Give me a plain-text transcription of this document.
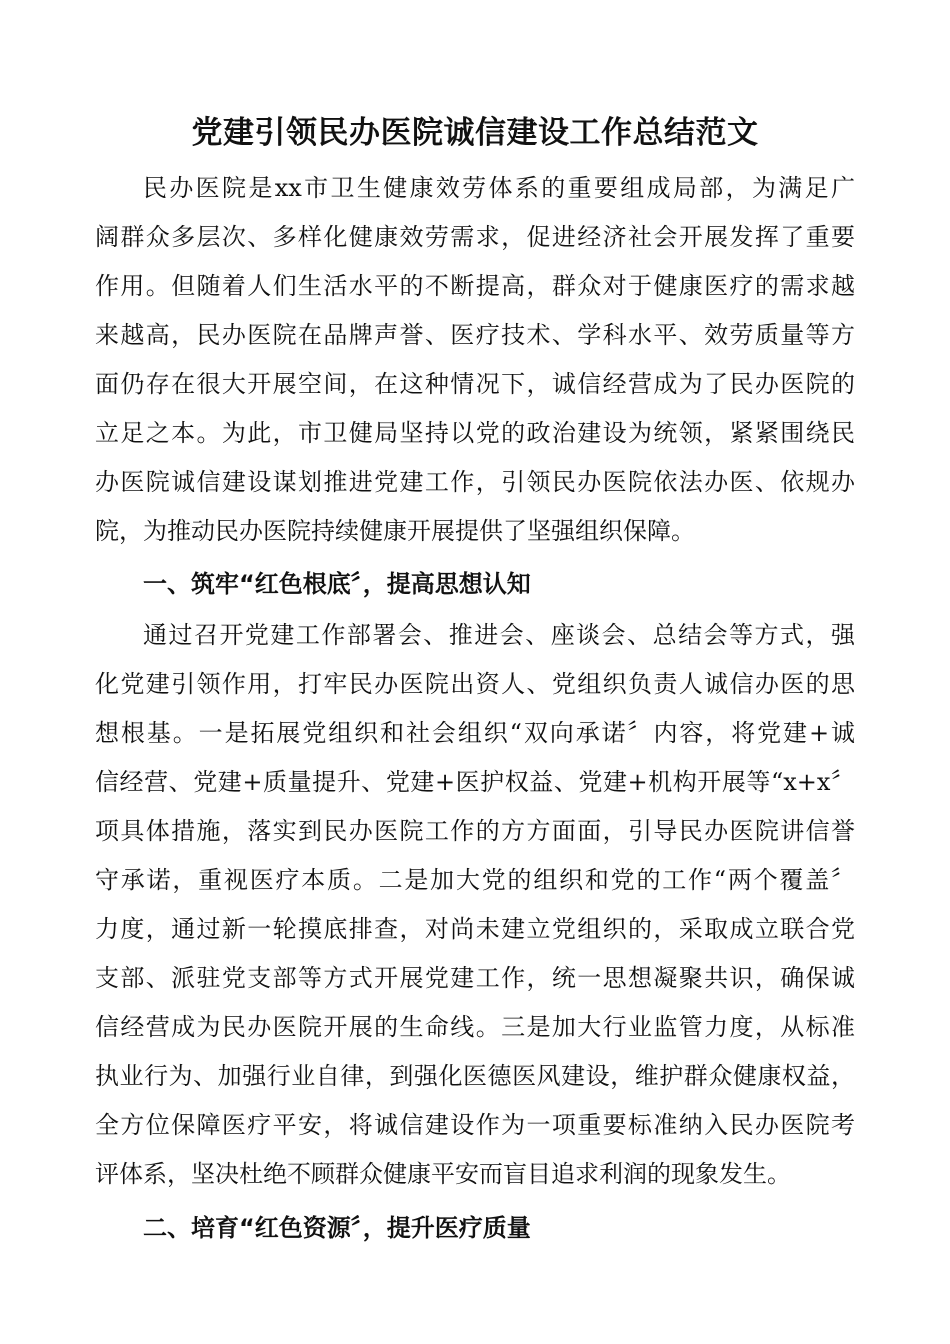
党建引领民办医院诚信建设工作总结范文
民办医院是xx市卫生健康效劳体系的重要组成局部，为满足广
阔群众多层次、多样化健康效劳需求，促进经济社会开展发挥了重要
作用。但随着人们生活水平的不断提高，群众对于健康医疗的需求越
来越高，民办医院在品牌声誉、医疗技术、学科水平、效劳质量等方
面仍存在很大开展空间，在这种情况下，诚信经营成为了民办医院的
立足之本。为此，市卫健局坚持以党的政治建设为统领，紧紧围绕民
办医院诚信建设谋划推进党建工作，引领民办医院依法办医、依规办
院，为推动民办医院持续健康开展提供了坚强组织保障。
一、筑牢“红色根底〞，提高思想认知
通过召开党建工作部署会、推进会、座谈会、总结会等方式，强
化党建引领作用，打牢民办医院出资人、党组织负责人诚信办医的思
想根基。一是拓展党组织和社会组织“双向承诺〞内容，将党建+诚
信经营、党建+质量提升、党建+医护权益、党建+机构开展等“x+x〞
项具体措施，落实到民办医院工作的方方面面，引导民办医院讲信誉
守承诺，重视医疗本质。二是加大党的组织和党的工作“两个覆盖〞
力度，通过新一轮摸底排查，对尚未建立党组织的，采取成立联合党
支部、派驻党支部等方式开展党建工作，统一思想凝聚共识，确保诚
信经营成为民办医院开展的生命线。三是加大行业监管力度，从标准
执业行为、加强行业自律，到强化医德医风建设，维护群众健康权益，
全方位保障医疗平安，将诚信建设作为一项重要标准纳入民办医院考
评体系，坚决杜绝不顾群众健康平安而盲目追求利润的现象发生。
二、培育“红色资源〞，提升医疗质量
